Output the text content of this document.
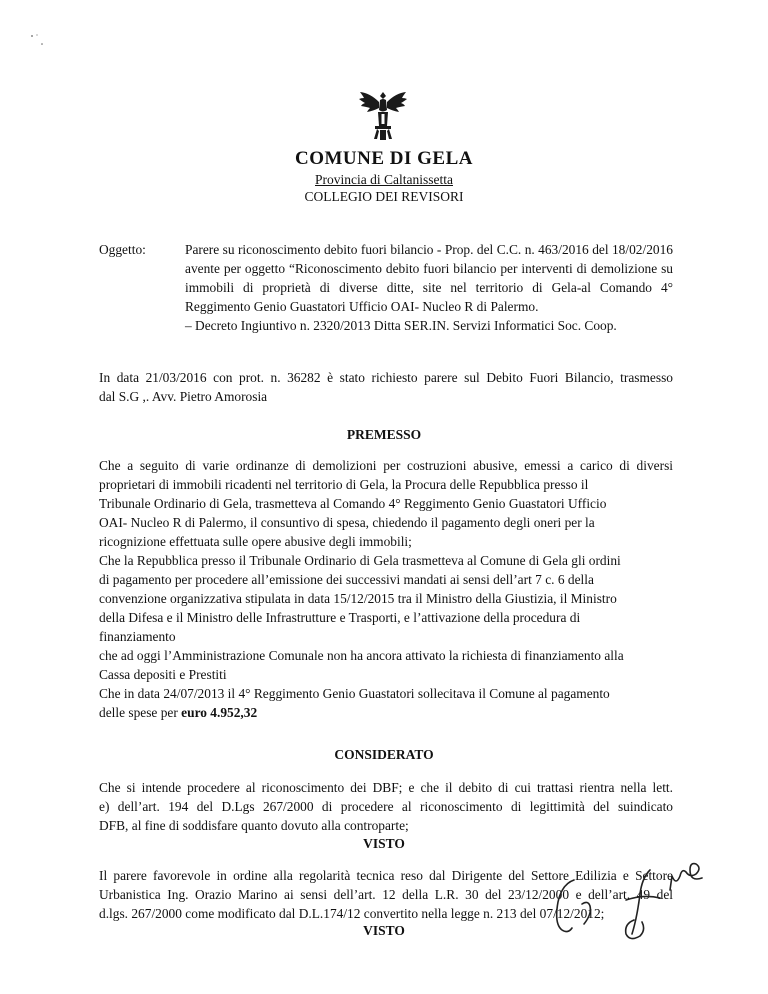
COMUNE DI GELA
Provincia di Caltanissetta
COLLEGIO DEI REVISORI
Oggetto:	Parere su riconoscimento debito fuori bilancio - Prop. del C.C. n. 463/2016 del 18/02/2016
avente per oggetto “Riconoscimento debito fuori bilancio per interventi di demolizione su
immobili di proprietà di diverse ditte, site nel territorio di Gela-al Comando 4°
Reggimento Genio Guastatori Ufficio OAI- Nucleo R di Palermo.
– Decreto Ingiuntivo n. 2320/2013 Ditta SER.IN. Servizi Informatici Soc. Coop.
In data 21/03/2016 con prot. n. 36282 è stato richiesto parere sul Debito Fuori Bilancio, trasmesso
dal S.G ,. Avv. Pietro Amorosia
PREMESSO
Che a seguito di varie ordinanze di demolizioni per costruzioni abusive, emessi a carico di diversi
proprietari di immobili ricadenti nel territorio di Gela, la Procura delle Repubblica presso il
Tribunale Ordinario di Gela, trasmetteva al Comando 4° Reggimento Genio Guastatori Ufficio
OAI- Nucleo R di Palermo, il consuntivo di spesa, chiedendo il pagamento degli oneri per la
ricognizione effettuata sulle opere abusive degli immobili;
Che la Repubblica presso il Tribunale Ordinario di Gela trasmetteva al Comune di Gela gli ordini
di pagamento per procedere all’emissione dei successivi mandati ai sensi dell’art 7 c. 6 della
convenzione organizzativa stipulata in data 15/12/2015 tra il Ministro della Giustizia, il Ministro
della Difesa e il Ministro delle Infrastrutture e Trasporti, e l’attivazione della procedura di
finanziamento
che ad oggi l’Amministrazione Comunale non ha ancora attivato la richiesta di finanziamento alla
Cassa depositi e Prestiti
Che in data 24/07/2013 il 4° Reggimento Genio Guastatori sollecitava il Comune al pagamento
delle spese per euro 4.952,32
CONSIDERATO
Che si intende procedere al riconoscimento dei DBF; e che il debito di cui trattasi rientra nella lett.
e) dell’art. 194 del D.Lgs 267/2000 di procedere al riconoscimento di legittimità del suindicato
DFB, al fine di soddisfare quanto dovuto alla controparte;
VISTO
Il parere favorevole in ordine alla regolarità tecnica reso dal Dirigente del Settore Edilizia e Settore
Urbanistica Ing. Orazio Marino ai sensi dell’art. 12 della L.R. 30 del 23/12/2000 e dell’art. 49 del
d.lgs. 267/2000 come modificato dal D.L.174/12 convertito nella legge n. 213 del 07/12/2012;
VISTO
